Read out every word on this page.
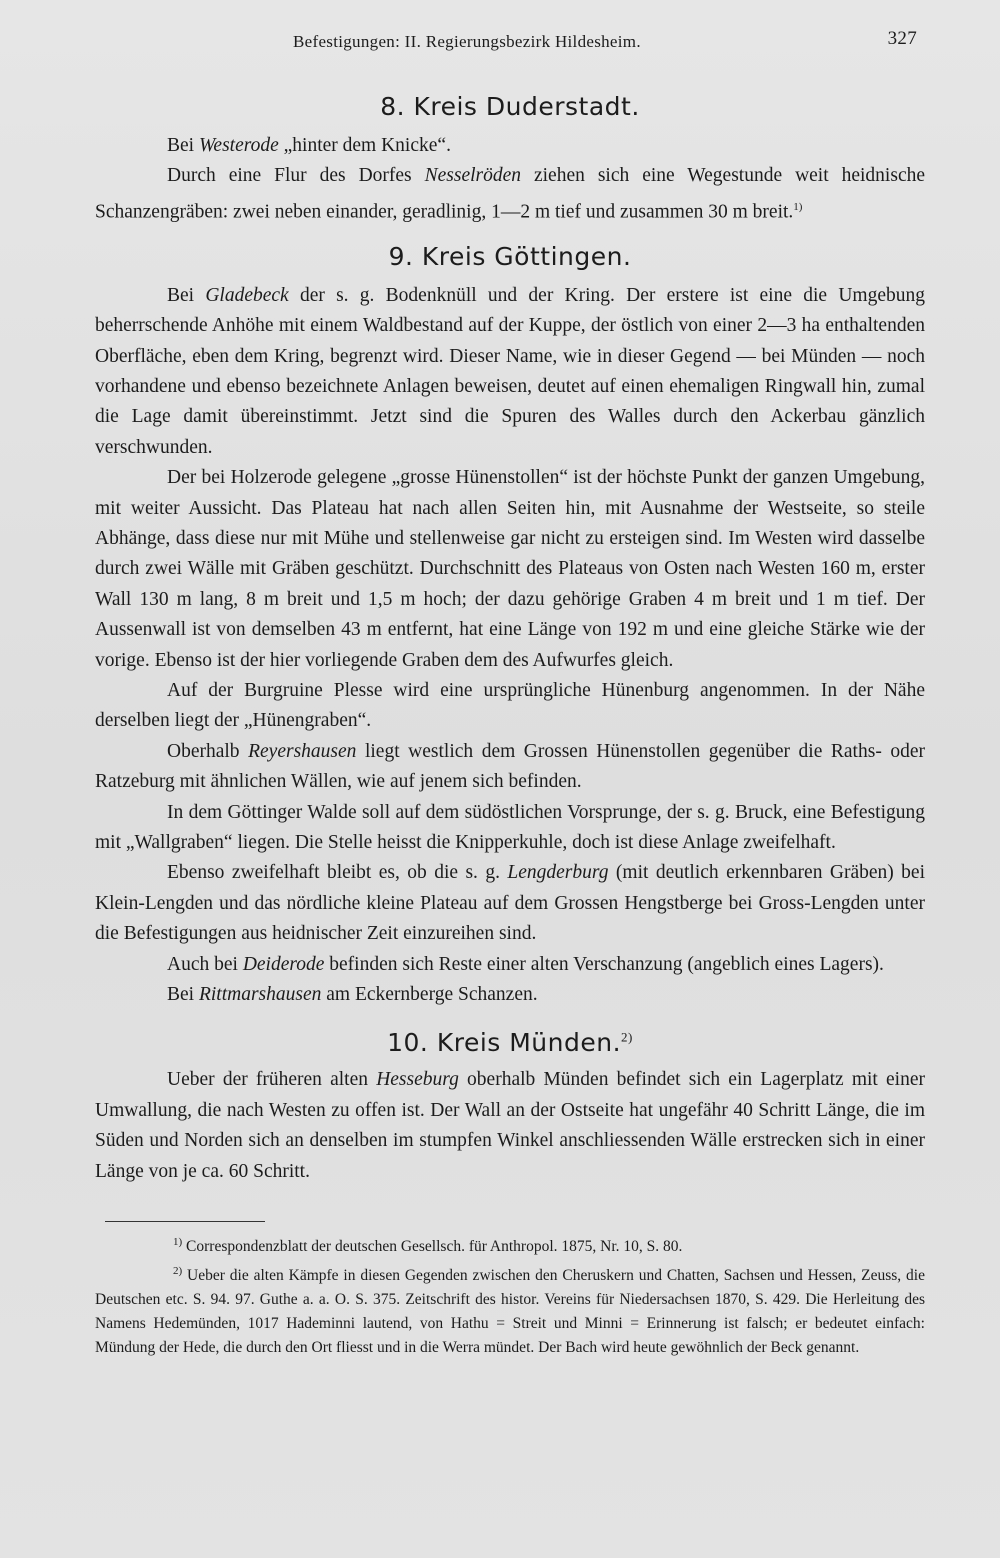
Befestigungen: II. Regierungsbezirk Hildesheim.	327
8. Kreis Duderstadt.

Bei Westerode „hinter dem Knicke“.

Durch eine Flur des Dorfes Nesselröden ziehen sich eine Wegestunde weit heidnische Schanzengräben: zwei neben einander, geradlinig, 1—2 m tief und zusammen 30 m breit.$^{1)}$

9. Kreis Göttingen.

Bei Gladebeck der s. g. Bodenknüll und der Kring. Der erstere ist eine die Umgebung beherrschende Anhöhe mit einem Waldbestand auf der Kuppe, der östlich von einer 2—3 ha enthaltenden Oberfläche, eben dem Kring, begrenzt wird. Dieser Name, wie in dieser Gegend — bei Münden — noch vorhandene und ebenso bezeichnete Anlagen beweisen, deutet auf einen ehemaligen Ringwall hin, zumal die Lage damit übereinstimmt. Jetzt sind die Spuren des Walles durch den Ackerbau gänzlich verschwunden.

Der bei Holzerode gelegene „grosse Hünenstollen“ ist der höchste Punkt der ganzen Umgebung, mit weiter Aussicht. Das Plateau hat nach allen Seiten hin, mit Ausnahme der Westseite, so steile Abhänge, dass diese nur mit Mühe und stellenweise gar nicht zu ersteigen sind. Im Westen wird dasselbe durch zwei Wälle mit Gräben geschützt. Durchschnitt des Plateaus von Osten nach Westen 160 m, erster Wall 130 m lang, 8 m breit und 1,5 m hoch; der dazu gehörige Graben 4 m breit und 1 m tief. Der Aussenwall ist von demselben 43 m entfernt, hat eine Länge von 192 m und eine gleiche Stärke wie der vorige. Ebenso ist der hier vorliegende Graben dem des Aufwurfes gleich.

Auf der Burgruine Plesse wird eine ursprüngliche Hünenburg angenommen. In der Nähe derselben liegt der „Hünengraben“.

Oberhalb Reyershausen liegt westlich dem Grossen Hünenstollen gegenüber die Raths- oder Ratzeburg mit ähnlichen Wällen, wie auf jenem sich befinden.

In dem Göttinger Walde soll auf dem südöstlichen Vorsprunge, der s. g. Bruck, eine Befestigung mit „Wallgraben“ liegen. Die Stelle heisst die Knipperkuhle, doch ist diese Anlage zweifelhaft.

Ebenso zweifelhaft bleibt es, ob die s. g. Lengderburg (mit deutlich erkennbaren Gräben) bei Klein-Lengden und das nördliche kleine Plateau auf dem Grossen Hengstberge bei Gross-Lengden unter die Befestigungen aus heidnischer Zeit einzureihen sind.

Auch bei Deiderode befinden sich Reste einer alten Verschanzung (angeblich eines Lagers).

Bei Rittmarshausen am Eckernberge Schanzen.

10. Kreis Münden.$^{2)}$

Ueber der früheren alten Hesseburg oberhalb Münden befindet sich ein Lagerplatz mit einer Umwallung, die nach Westen zu offen ist. Der Wall an der Ostseite hat ungefähr 40 Schritt Länge, die im Süden und Norden sich an denselben im stumpfen Winkel anschliessenden Wälle erstrecken sich in einer Länge von je ca. 60 Schritt.

$^{1)}$ Correspondenzblatt der deutschen Gesellsch. für Anthropol. 1875, Nr. 10, S. 80.

$^{2)}$ Ueber die alten Kämpfe in diesen Gegenden zwischen den Cheruskern und Chatten, Sachsen und Hessen, Zeuss, die Deutschen etc. S. 94. 97. Guthe a. a. O. S. 375. Zeitschrift des histor. Vereins für Niedersachsen 1870, S. 429. Die Herleitung des Namens Hedemünden, 1017 Hademinni lautend, von Hathu = Streit und Minni = Erinnerung ist falsch; er bedeutet einfach: Mündung der Hede, die durch den Ort fliesst und in die Werra mündet. Der Bach wird heute gewöhnlich der Beck genannt.
